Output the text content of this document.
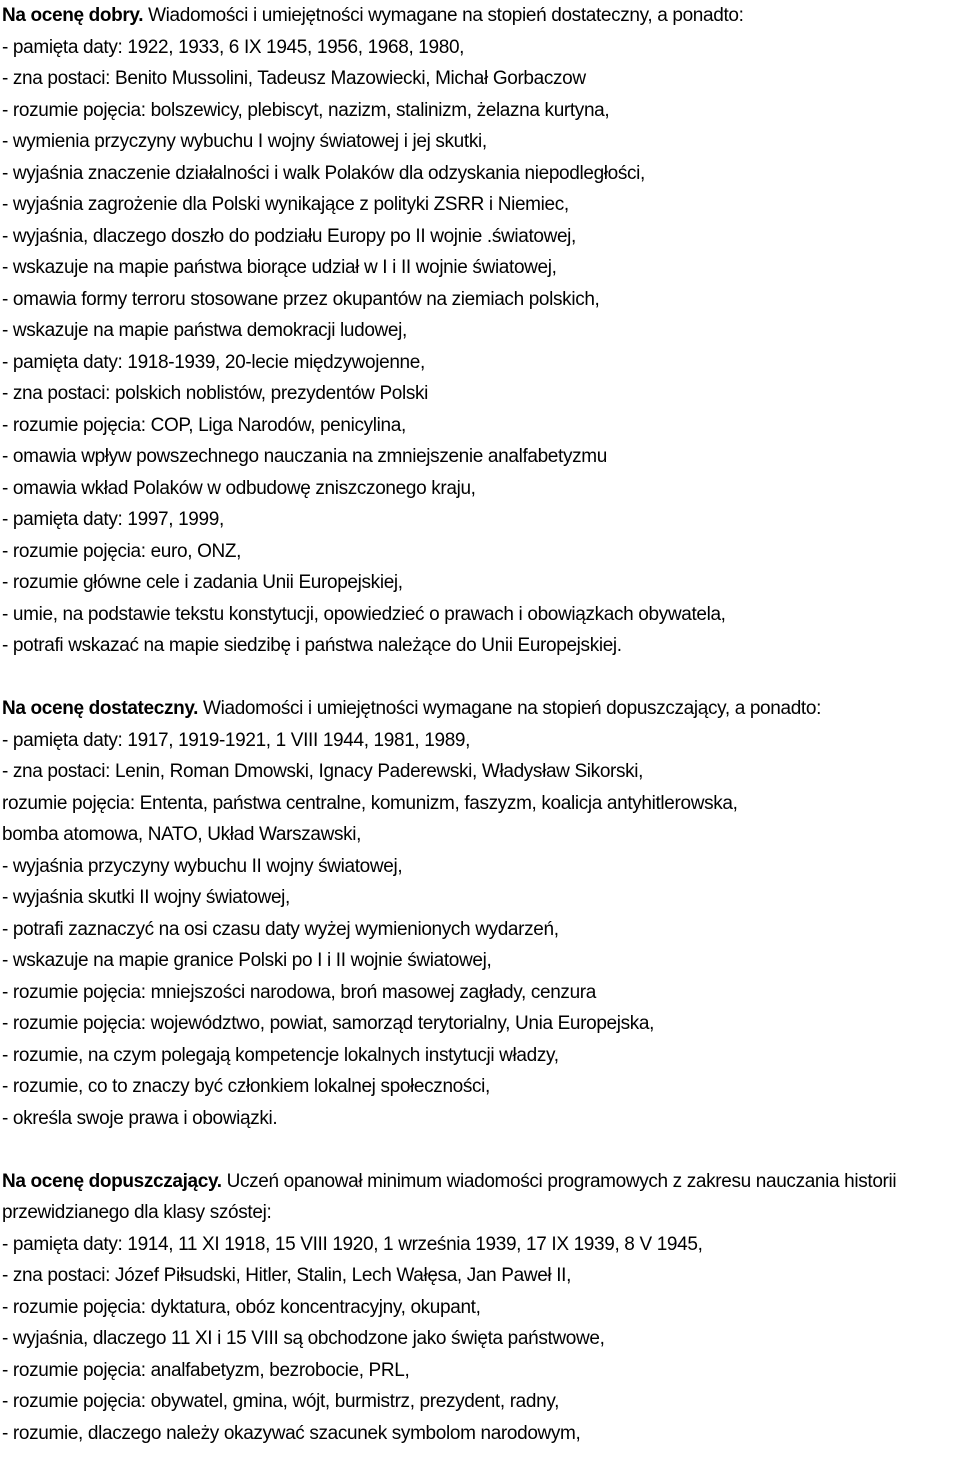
Na ocenę dobry. Wiadomości i umiejętności wymagane na stopień dostateczny, a ponadto:
- pamięta daty: 1922, 1933, 6 IX 1945, 1956, 1968, 1980,
- zna postaci: Benito Mussolini, Tadeusz Mazowiecki, Michał Gorbaczow
- rozumie pojęcia: bolszewicy, plebiscyt, nazizm, stalinizm, żelazna kurtyna,
- wymienia przyczyny wybuchu I wojny światowej i jej skutki,
- wyjaśnia znaczenie działalności i walk Polaków dla odzyskania niepodległości,
- wyjaśnia zagrożenie dla Polski wynikające z polityki ZSRR i Niemiec,
- wyjaśnia, dlaczego doszło do podziału Europy po II wojnie .światowej,
- wskazuje na mapie państwa biorące udział w I i II wojnie światowej,
- omawia formy terroru stosowane przez okupantów na ziemiach polskich,
- wskazuje na mapie państwa demokracji ludowej,
- pamięta daty: 1918-1939, 20-lecie międzywojenne,
- zna postaci: polskich noblistów, prezydentów Polski
- rozumie pojęcia: COP, Liga Narodów, penicylina,
- omawia wpływ powszechnego nauczania na zmniejszenie analfabetyzmu
- omawia wkład Polaków w odbudowę zniszczonego kraju,
- pamięta daty: 1997, 1999,
- rozumie pojęcia: euro, ONZ,
- rozumie główne cele i zadania Unii Europejskiej,
- umie, na podstawie tekstu konstytucji, opowiedzieć o prawach i obowiązkach obywatela,
- potrafi wskazać na mapie siedzibę i państwa należące do Unii Europejskiej.
Na ocenę dostateczny. Wiadomości i umiejętności wymagane na stopień dopuszczający, a ponadto:
- pamięta daty: 1917, 1919-1921, 1 VIII 1944, 1981, 1989,
- zna postaci: Lenin, Roman Dmowski, Ignacy Paderewski, Władysław Sikorski,
rozumie pojęcia: Ententa, państwa centralne, komunizm, faszyzm, koalicja antyhitlerowska,
bomba atomowa, NATO, Układ Warszawski,
- wyjaśnia przyczyny wybuchu II wojny światowej,
- wyjaśnia skutki II wojny światowej,
- potrafi zaznaczyć na osi czasu daty wyżej wymienionych wydarzeń,
- wskazuje na mapie granice Polski po I i II wojnie światowej,
- rozumie pojęcia: mniejszości narodowa, broń masowej zagłady, cenzura
- rozumie pojęcia: województwo, powiat, samorząd terytorialny, Unia Europejska,
- rozumie, na czym polegają kompetencje lokalnych instytucji władzy,
- rozumie, co to znaczy być członkiem lokalnej społeczności,
- określa swoje prawa i obowiązki.
Na ocenę dopuszczający. Uczeń opanował minimum wiadomości programowych z zakresu nauczania historii przewidzianego dla klasy szóstej:
- pamięta daty: 1914, 11 XI 1918, 15 VIII 1920, 1 września 1939, 17 IX 1939, 8 V 1945,
- zna postaci: Józef Piłsudski, Hitler, Stalin, Lech Wałęsa, Jan Paweł II,
- rozumie pojęcia: dyktatura, obóz koncentracyjny, okupant,
- wyjaśnia, dlaczego 11 XI i 15 VIII są obchodzone jako święta państwowe,
- rozumie pojęcia: analfabetyzm, bezrobocie, PRL,
- rozumie pojęcia: obywatel, gmina, wójt, burmistrz, prezydent, radny,
- rozumie, dlaczego należy okazywać szacunek symbolom narodowym,
